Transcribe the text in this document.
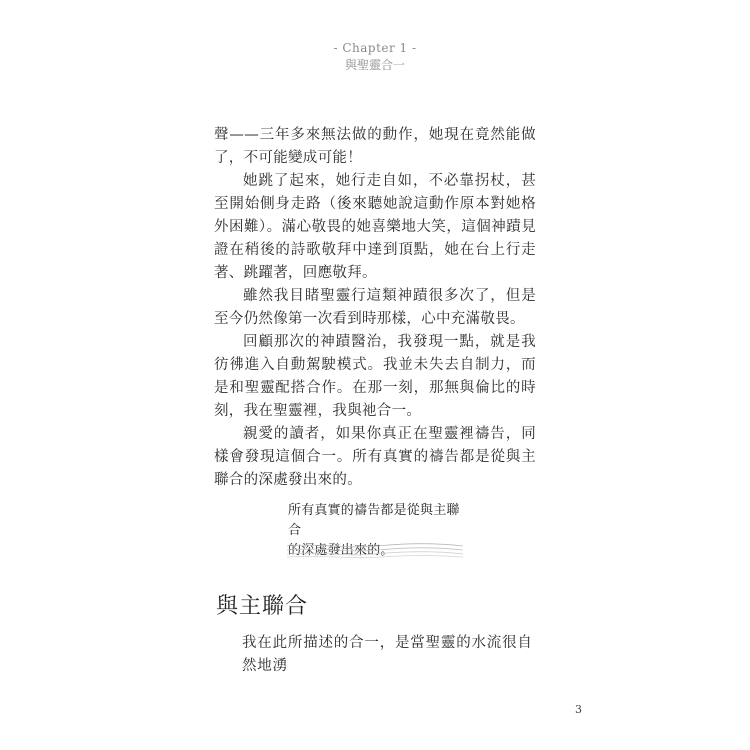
- Chapter 1 -
與聖靈合一

聲——三年多來無法做的動作，她現在竟然能做了，不可能變成可能！

她跳了起來，她行走自如，不必靠拐杖，甚至開始側身走路（後來聽她說這動作原本對她格外困難）。滿心敬畏的她喜樂地大笑，這個神蹟見證在稍後的詩歌敬拜中達到頂點，她在台上行走著、跳躍著，回應敬拜。

雖然我目睹聖靈行這類神蹟很多次了，但是至今仍然像第一次看到時那樣，心中充滿敬畏。

回顧那次的神蹟醫治，我發現一點，就是我彷彿進入自動駕駛模式。我並未失去自制力，而是和聖靈配搭合作。在那一刻，那無與倫比的時刻，我在聖靈裡，我與祂合一。

親愛的讀者，如果你真正在聖靈裡禱告，同樣會發現這個合一。所有真實的禱告都是從與主聯合的深處發出來的。

所有真實的禱告都是從與主聯合
的深處發出來的。
與主聯合
我在此所描述的合一，是當聖靈的水流很自然地湧
3
